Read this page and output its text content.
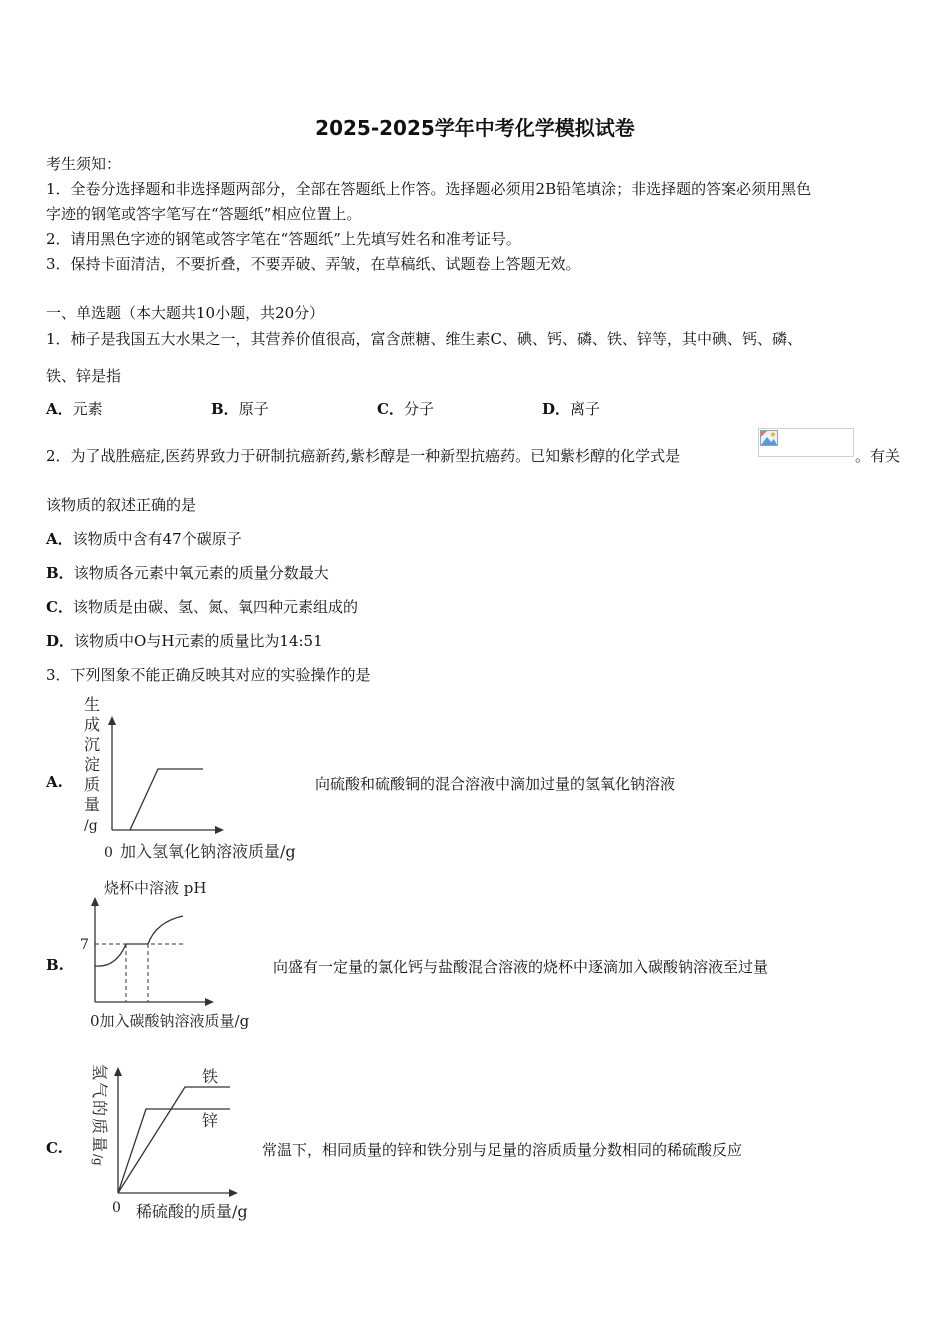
2025-2025学年中考化学模拟试卷
考生须知：
1．全卷分选择题和非选择题两部分，全部在答题纸上作答。选择题必须用2B铅笔填涂；非选择题的答案必须用黑色
字迹的钢笔或答字笔写在“答题纸”相应位置上。
2．请用黑色字迹的钢笔或答字笔在“答题纸”上先填写姓名和准考证号。
3．保持卡面清洁，不要折叠，不要弄破、弄皱，在草稿纸、试题卷上答题无效。
一、单选题（本大题共10小题，共20分）
1．柿子是我国五大水果之一，其营养价值很高，富含蔗糖、维生素C、碘、钙、磷、铁、锌等，其中碘、钙、磷、
铁、锌是指
A．元素	B．原子	C．分子	D．离子
2．为了战胜癌症,医药界致力于研制抗癌新药,紫杉醇是一种新型抗癌药。已知紫杉醇的化学式是	。有关
该物质的叙述正确的是
A．该物质中含有47个碳原子
B．该物质各元素中氧元素的质量分数最大
C．该物质是由碳、氢、氮、氧四种元素组成的
D．该物质中O与H元素的质量比为14:51
3．下列图象不能正确反映其对应的实验操作的是
A.	向硫酸和硫酸铜的混合溶液中滴加过量的氢氧化钠溶液
生
成
沉
淀
质
量
/g
0 加入氢氧化钠溶液质量/g
B.	向盛有一定量的氯化钙与盐酸混合溶液的烧杯中逐滴加入碳酸钠溶液至过量
烧杯中溶液 pH
7
0加入碳酸钠溶液质量/g
C.	常温下，相同质量的锌和铁分别与足量的溶质质量分数相同的稀硫酸反应
氢
气
的
质
量
/g
0 稀硫酸的质量/g
铁
锌
